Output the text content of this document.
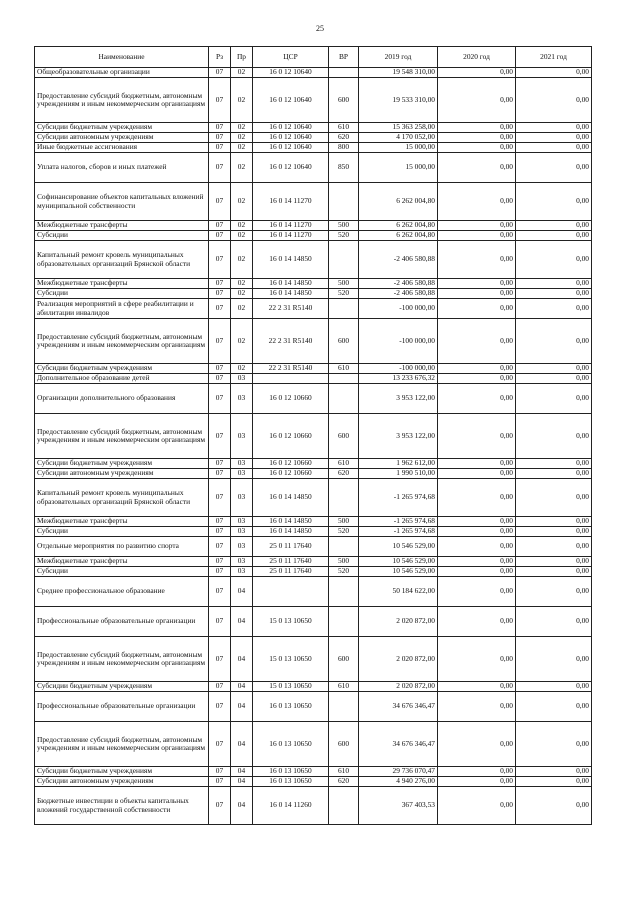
25
Наименование	Рз	Пр	ЦСР	ВР	2019 год	2020 год	2021 год
Общеобразовательные организации	07	02	16 0 12 10640		19 548 310,00	0,00	0,00
Предоставление субсидий бюджетным, автономным учреждениям и иным некоммерческим организациям	07	02	16 0 12 10640	600	19 533 310,00	0,00	0,00
Субсидии бюджетным учреждениям	07	02	16 0 12 10640	610	15 363 258,00	0,00	0,00
Субсидии автономным учреждениям	07	02	16 0 12 10640	620	4 170 052,00	0,00	0,00
Иные бюджетные ассигнования	07	02	16 0 12 10640	800	15 000,00	0,00	0,00
Уплата налогов, сборов и иных платежей	07	02	16 0 12 10640	850	15 000,00	0,00	0,00
Софинансирование объектов капитальных вложений муниципальной собственности	07	02	16 0 14 11270		6 262 004,80	0,00	0,00
Межбюджетные трансферты	07	02	16 0 14 11270	500	6 262 004,80	0,00	0,00
Субсидии	07	02	16 0 14 11270	520	6 262 004,80	0,00	0,00
Капитальный ремонт кровель муниципальных образовательных организаций Брянской области	07	02	16 0 14 14850		-2 406 580,88	0,00	0,00
Межбюджетные трансферты	07	02	16 0 14 14850	500	-2 406 580,88	0,00	0,00
Субсидии	07	02	16 0 14 14850	520	-2 406 580,88	0,00	0,00
Реализация мероприятий в сфере реабилитации и абилитации инвалидов	07	02	22 2 31 R5140		-100 000,00	0,00	0,00
Предоставление субсидий бюджетным, автономным учреждениям и иным некоммерческим организациям	07	02	22 2 31 R5140	600	-100 000,00	0,00	0,00
Субсидии бюджетным учреждениям	07	02	22 2 31 R5140	610	-100 000,00	0,00	0,00
Дополнительное образование детей	07	03			13 233 676,32	0,00	0,00
Организации дополнительного образования	07	03	16 0 12 10660		3 953 122,00	0,00	0,00
Предоставление субсидий бюджетным, автономным учреждениям и иным некоммерческим организациям	07	03	16 0 12 10660	600	3 953 122,00	0,00	0,00
Субсидии бюджетным учреждениям	07	03	16 0 12 10660	610	1 962 612,00	0,00	0,00
Субсидии автономным учреждениям	07	03	16 0 12 10660	620	1 990 510,00	0,00	0,00
Капитальный ремонт кровель муниципальных образовательных организаций Брянской области	07	03	16 0 14 14850		-1 265 974,68	0,00	0,00
Межбюджетные трансферты	07	03	16 0 14 14850	500	-1 265 974,68	0,00	0,00
Субсидии	07	03	16 0 14 14850	520	-1 265 974,68	0,00	0,00
Отдельные мероприятия по развитию спорта	07	03	25 0 11 17640		10 546 529,00	0,00	0,00
Межбюджетные трансферты	07	03	25 0 11 17640	500	10 546 529,00	0,00	0,00
Субсидии	07	03	25 0 11 17640	520	10 546 529,00	0,00	0,00
Среднее профессиональное образование	07	04			50 184 622,00	0,00	0,00
Профессиональные образовательные организации	07	04	15 0 13 10650		2 020 872,00	0,00	0,00
Предоставление субсидий бюджетным, автономным учреждениям и иным некоммерческим организациям	07	04	15 0 13 10650	600	2 020 872,00	0,00	0,00
Субсидии бюджетным учреждениям	07	04	15 0 13 10650	610	2 020 872,00	0,00	0,00
Профессиональные образовательные организации	07	04	16 0 13 10650		34 676 346,47	0,00	0,00
Предоставление субсидий бюджетным, автономным учреждениям и иным некоммерческим организациям	07	04	16 0 13 10650	600	34 676 346,47	0,00	0,00
Субсидии бюджетным учреждениям	07	04	16 0 13 10650	610	29 736 070,47	0,00	0,00
Субсидии автономным учреждениям	07	04	16 0 13 10650	620	4 940 276,00	0,00	0,00
Бюджетные инвестиции в объекты капитальных вложений государственной собственности	07	04	16 0 14 11260		367 403,53	0,00	0,00
